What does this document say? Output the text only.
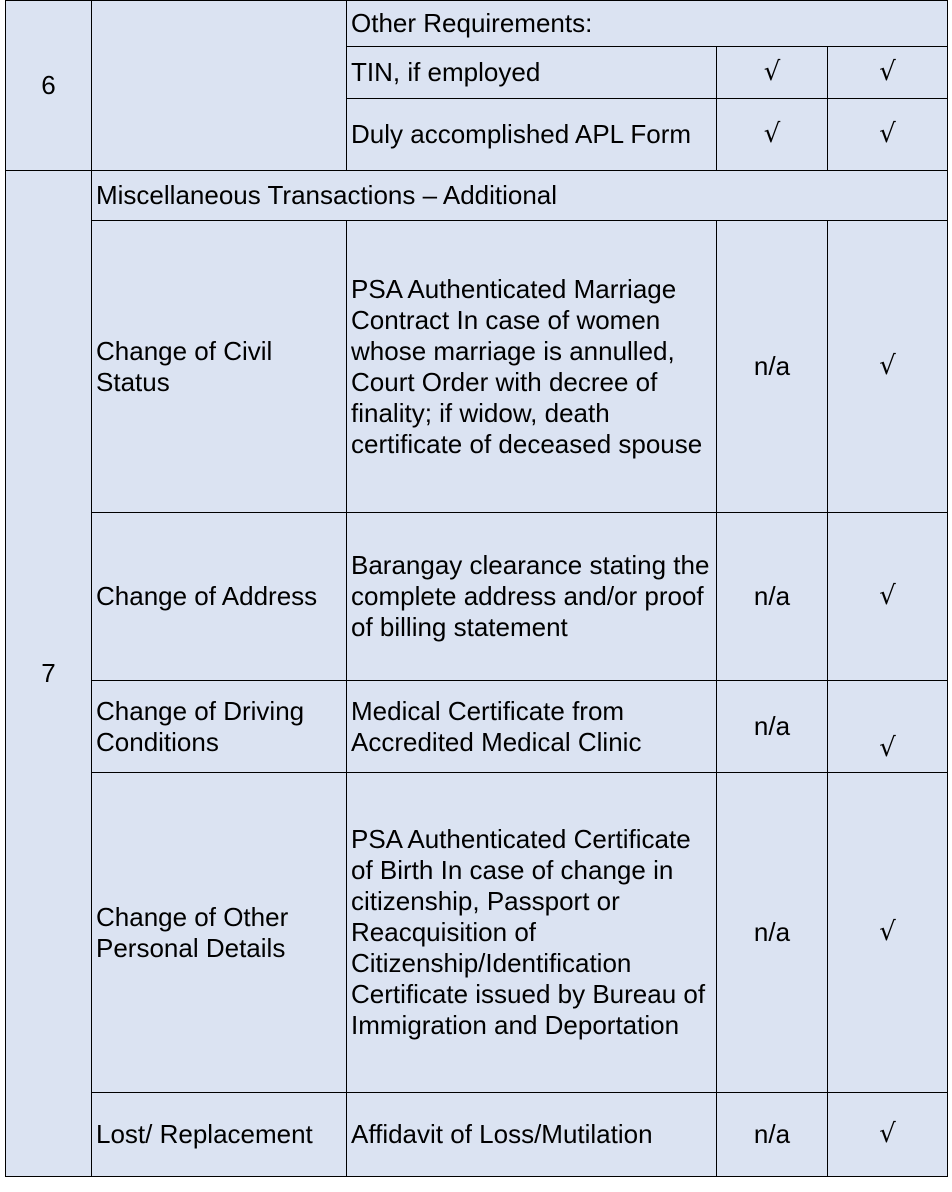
6		Other Requirements:		
		TIN, if employed	√	√
		Duly accomplished APL Form	√	√
7	Miscellaneous Transactions – Additional			
	Change of Civil Status	PSA Authenticated Marriage Contract In case of women whose marriage is annulled, Court Order with decree of finality; if widow, death certificate of deceased spouse	n/a	√
	Change of Address	Barangay clearance stating the complete address and/or proof of billing statement	n/a	√
	Change of Driving Conditions	Medical Certificate from Accredited Medical Clinic	n/a	√
	Change of Other Personal Details	PSA Authenticated Certificate of Birth In case of change in citizenship, Passport or Reacquisition of Citizenship/Identification Certificate issued by Bureau of Immigration and Deportation	n/a	√
	Lost/ Replacement	Affidavit of Loss/Mutilation	n/a	√
